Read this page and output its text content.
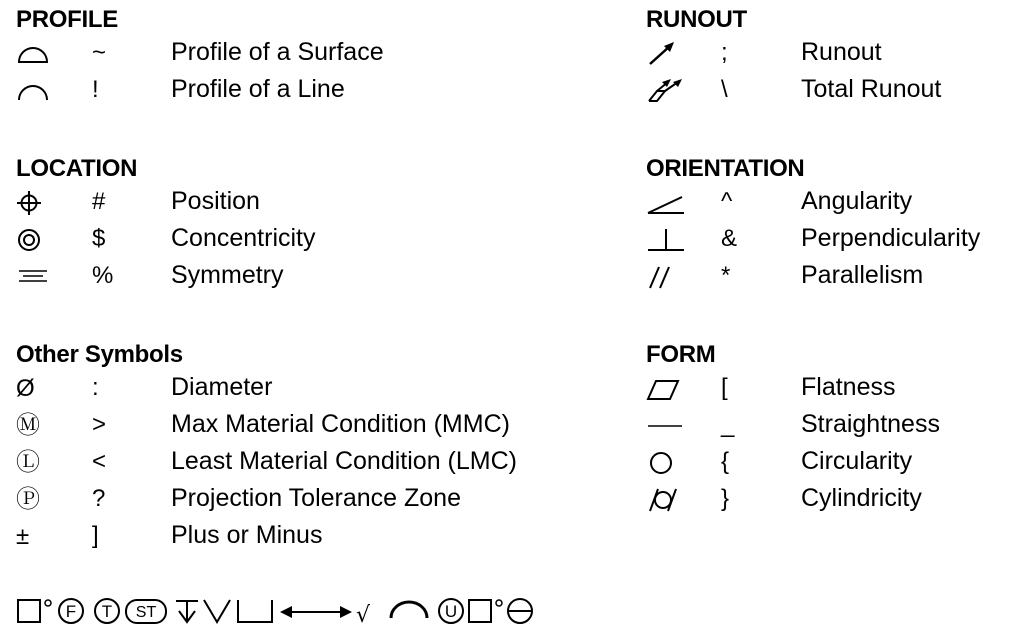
PROFILE
~	Profile of a Surface
!	Profile of a Line
RUNOUT
;	Runout
\	Total Runout
LOCATION
#	Position
$	Concentricity
% Symmetry
ORIENTATION
^	Angularity
&	Perpendicularity
*	Parallelism
Other Symbols
Ø	:	Diameter
Ⓜ	>	Max Material Condition (MMC)
Ⓛ	<	Least Material Condition (LMC)
Ⓟ	?	Projection Tolerance Zone
±	]	Plus or Minus
FORM
[	Flatness
_	Straightness
{	Circularity
}	Cylindricity
F T ST	√	U
